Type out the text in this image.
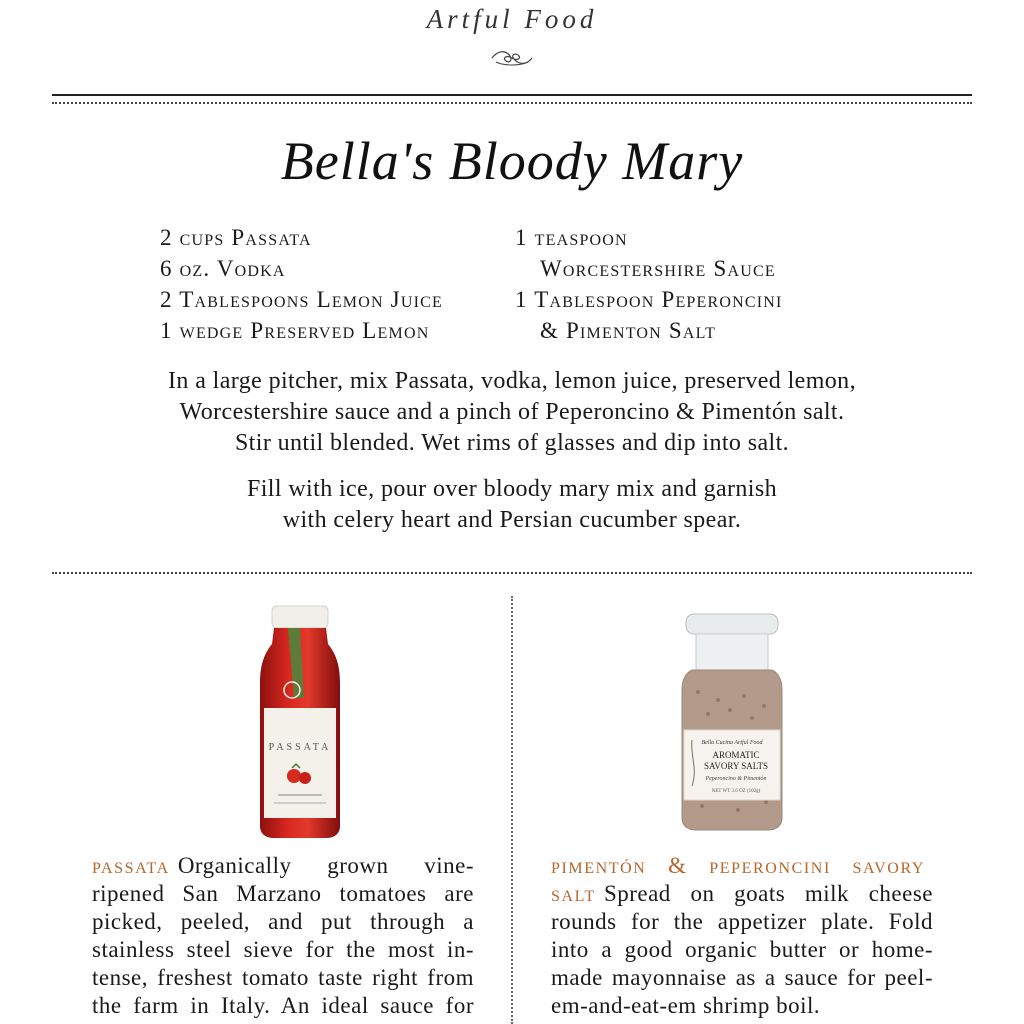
Artful Food
Bella's Bloody Mary
2 cups Passata
6 oz. Vodka
2 Tablespoons Lemon Juice
1 wedge Preserved Lemon
1 teaspoon
Worcestershire Sauce
1 Tablespoon Peperoncini
& Pimenton Salt
In a large pitcher, mix Passata, vodka, lemon juice, preserved lemon,
Worcestershire sauce and a pinch of Peperoncino & Pimentón salt.
Stir until blended. Wet rims of glasses and dip into salt.
Fill with ice, pour over bloody mary mix and garnish
with celery heart and Persian cucumber spear.
PASSATA	Bella Cucina Artful Food
AROMATIC
SAVORY SALTS
Peperoncino & Pimentón
NET WT 3.6 OZ (102g)
passata Organically grown vine-
ripened San Marzano tomatoes are
picked, peeled, and put through a
stainless steel sieve for the most in-
tense, freshest tomato taste right from
the farm in Italy. An ideal sauce for
pimentón & peperoncini savory
salt Spread on goats milk cheese
rounds for the appetizer plate. Fold
into a good organic butter or home-
made mayonnaise as a sauce for peel-
em-and-eat-em shrimp boil.
